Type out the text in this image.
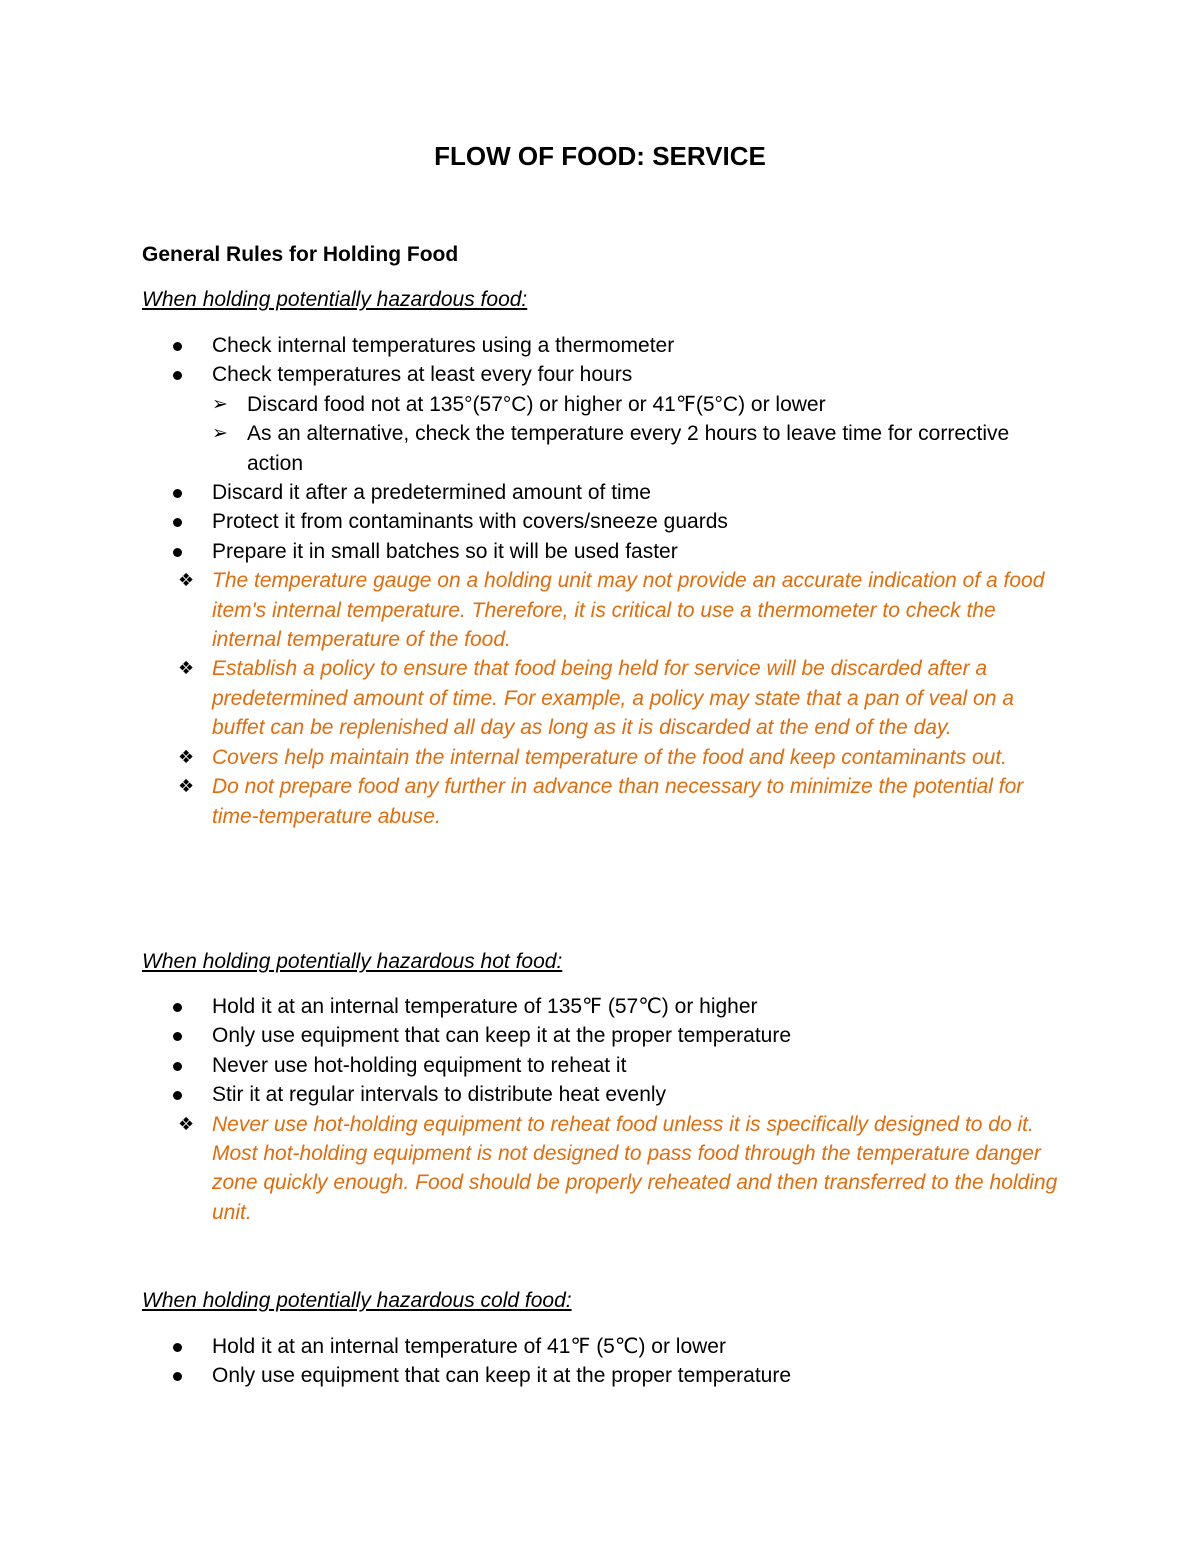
FLOW OF FOOD: SERVICE
General Rules for Holding Food

When holding potentially hazardous food:

Check internal temperatures using a thermometer
Check temperatures at least every four hours
➢ Discard food not at 135°(57°C) or higher or 41℉(5°C) or lower
➢ As an alternative, check the temperature every 2 hours to leave time for corrective action
Discard it after a predetermined amount of time
Protect it from contaminants with covers/sneeze guards
Prepare it in small batches so it will be used faster
❖ The temperature gauge on a holding unit may not provide an accurate indication of a food item's internal temperature. Therefore, it is critical to use a thermometer to check the internal temperature of the food.
❖ Establish a policy to ensure that food being held for service will be discarded after a predetermined amount of time. For example, a policy may state that a pan of veal on a buffet can be replenished all day as long as it is discarded at the end of the day.
❖ Covers help maintain the internal temperature of the food and keep contaminants out.
❖ Do not prepare food any further in advance than necessary to minimize the potential for time-temperature abuse.

When holding potentially hazardous hot food:

Hold it at an internal temperature of 135℉ (57℃) or higher
Only use equipment that can keep it at the proper temperature
Never use hot-holding equipment to reheat it
Stir it at regular intervals to distribute heat evenly
❖ Never use hot-holding equipment to reheat food unless it is specifically designed to do it. Most hot-holding equipment is not designed to pass food through the temperature danger zone quickly enough. Food should be properly reheated and then transferred to the holding unit.

When holding potentially hazardous cold food:

Hold it at an internal temperature of 41℉ (5℃) or lower
Only use equipment that can keep it at the proper temperature
